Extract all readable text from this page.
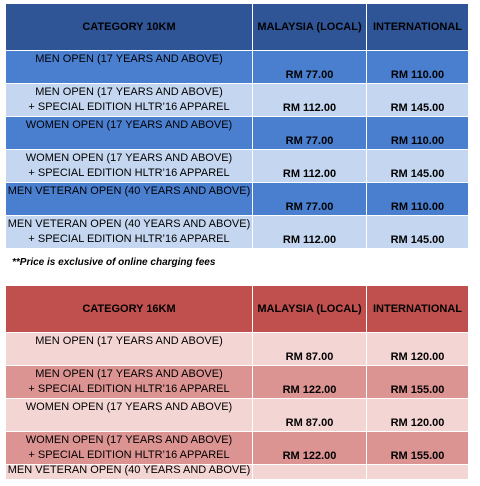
CATEGORY 10KM	MALAYSIA (LOCAL)	INTERNATIONAL

MEN OPEN (17 YEARS AND ABOVE)	RM 77.00	RM 110.00

MEN OPEN (17 YEARS AND ABOVE)
+ SPECIAL EDITION HLTR’16 APPAREL	RM 112.00	RM 145.00

WOMEN OPEN (17 YEARS AND ABOVE)	RM 77.00	RM 110.00

WOMEN OPEN (17 YEARS AND ABOVE)
+ SPECIAL EDITION HLTR’16 APPAREL	RM 112.00	RM 145.00

MEN VETERAN OPEN (40 YEARS AND ABOVE)	RM 77.00	RM 110.00

MEN VETERAN OPEN (40 YEARS AND ABOVE)
+ SPECIAL EDITION HLTR’16 APPAREL	RM 112.00	RM 145.00
**Price is exclusive of online charging fees
CATEGORY 16KM	MALAYSIA (LOCAL)	INTERNATIONAL

MEN OPEN (17 YEARS AND ABOVE)	RM 87.00	RM 120.00

MEN OPEN (17 YEARS AND ABOVE)
+ SPECIAL EDITION HLTR’16 APPAREL	RM 122.00	RM 155.00

WOMEN OPEN (17 YEARS AND ABOVE)	RM 87.00	RM 120.00

WOMEN OPEN (17 YEARS AND ABOVE)
+ SPECIAL EDITION HLTR’16 APPAREL	RM 122.00	RM 155.00

MEN VETERAN OPEN (40 YEARS AND ABOVE)		
